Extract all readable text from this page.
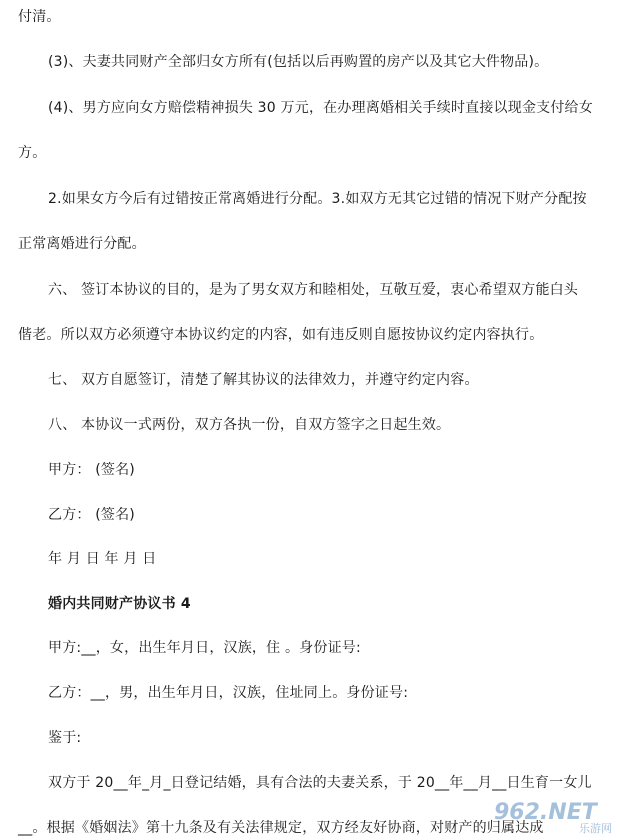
付清。
(3)、夫妻共同财产全部归女方所有(包括以后再购置的房产以及其它大件物品)。
(4)、男方应向女方赔偿精神损失 30 万元，在办理离婚相关手续时直接以现金支付给女
方。
2.如果女方今后有过错按正常离婚进行分配。3.如双方无其它过错的情况下财产分配按
正常离婚进行分配。
六、 签订本协议的目的，是为了男女双方和睦相处，互敬互爱，衷心希望双方能白头
偕老。所以双方必须遵守本协议约定的内容，如有违反则自愿按协议约定内容执行。
七、 双方自愿签订，清楚了解其协议的法律效力，并遵守约定内容。
八、 本协议一式两份，双方各执一份，自双方签字之日起生效。
甲方： (签名)
乙方： (签名)
年 月 日 年 月 日
婚内共同财产协议书 4
甲方:__，女，出生年月日，汉族，住 。身份证号:
乙方：__，男，出生年月日，汉族，住址同上。身份证号:
鉴于:
双方于 20__年_月_日登记结婚，具有合法的夫妻关系，于 20__年__月__日生育一女儿
__。根据《婚姻法》第十九条及有关法律规定，双方经友好协商，对财产的归属达成
962.NET
乐游网
